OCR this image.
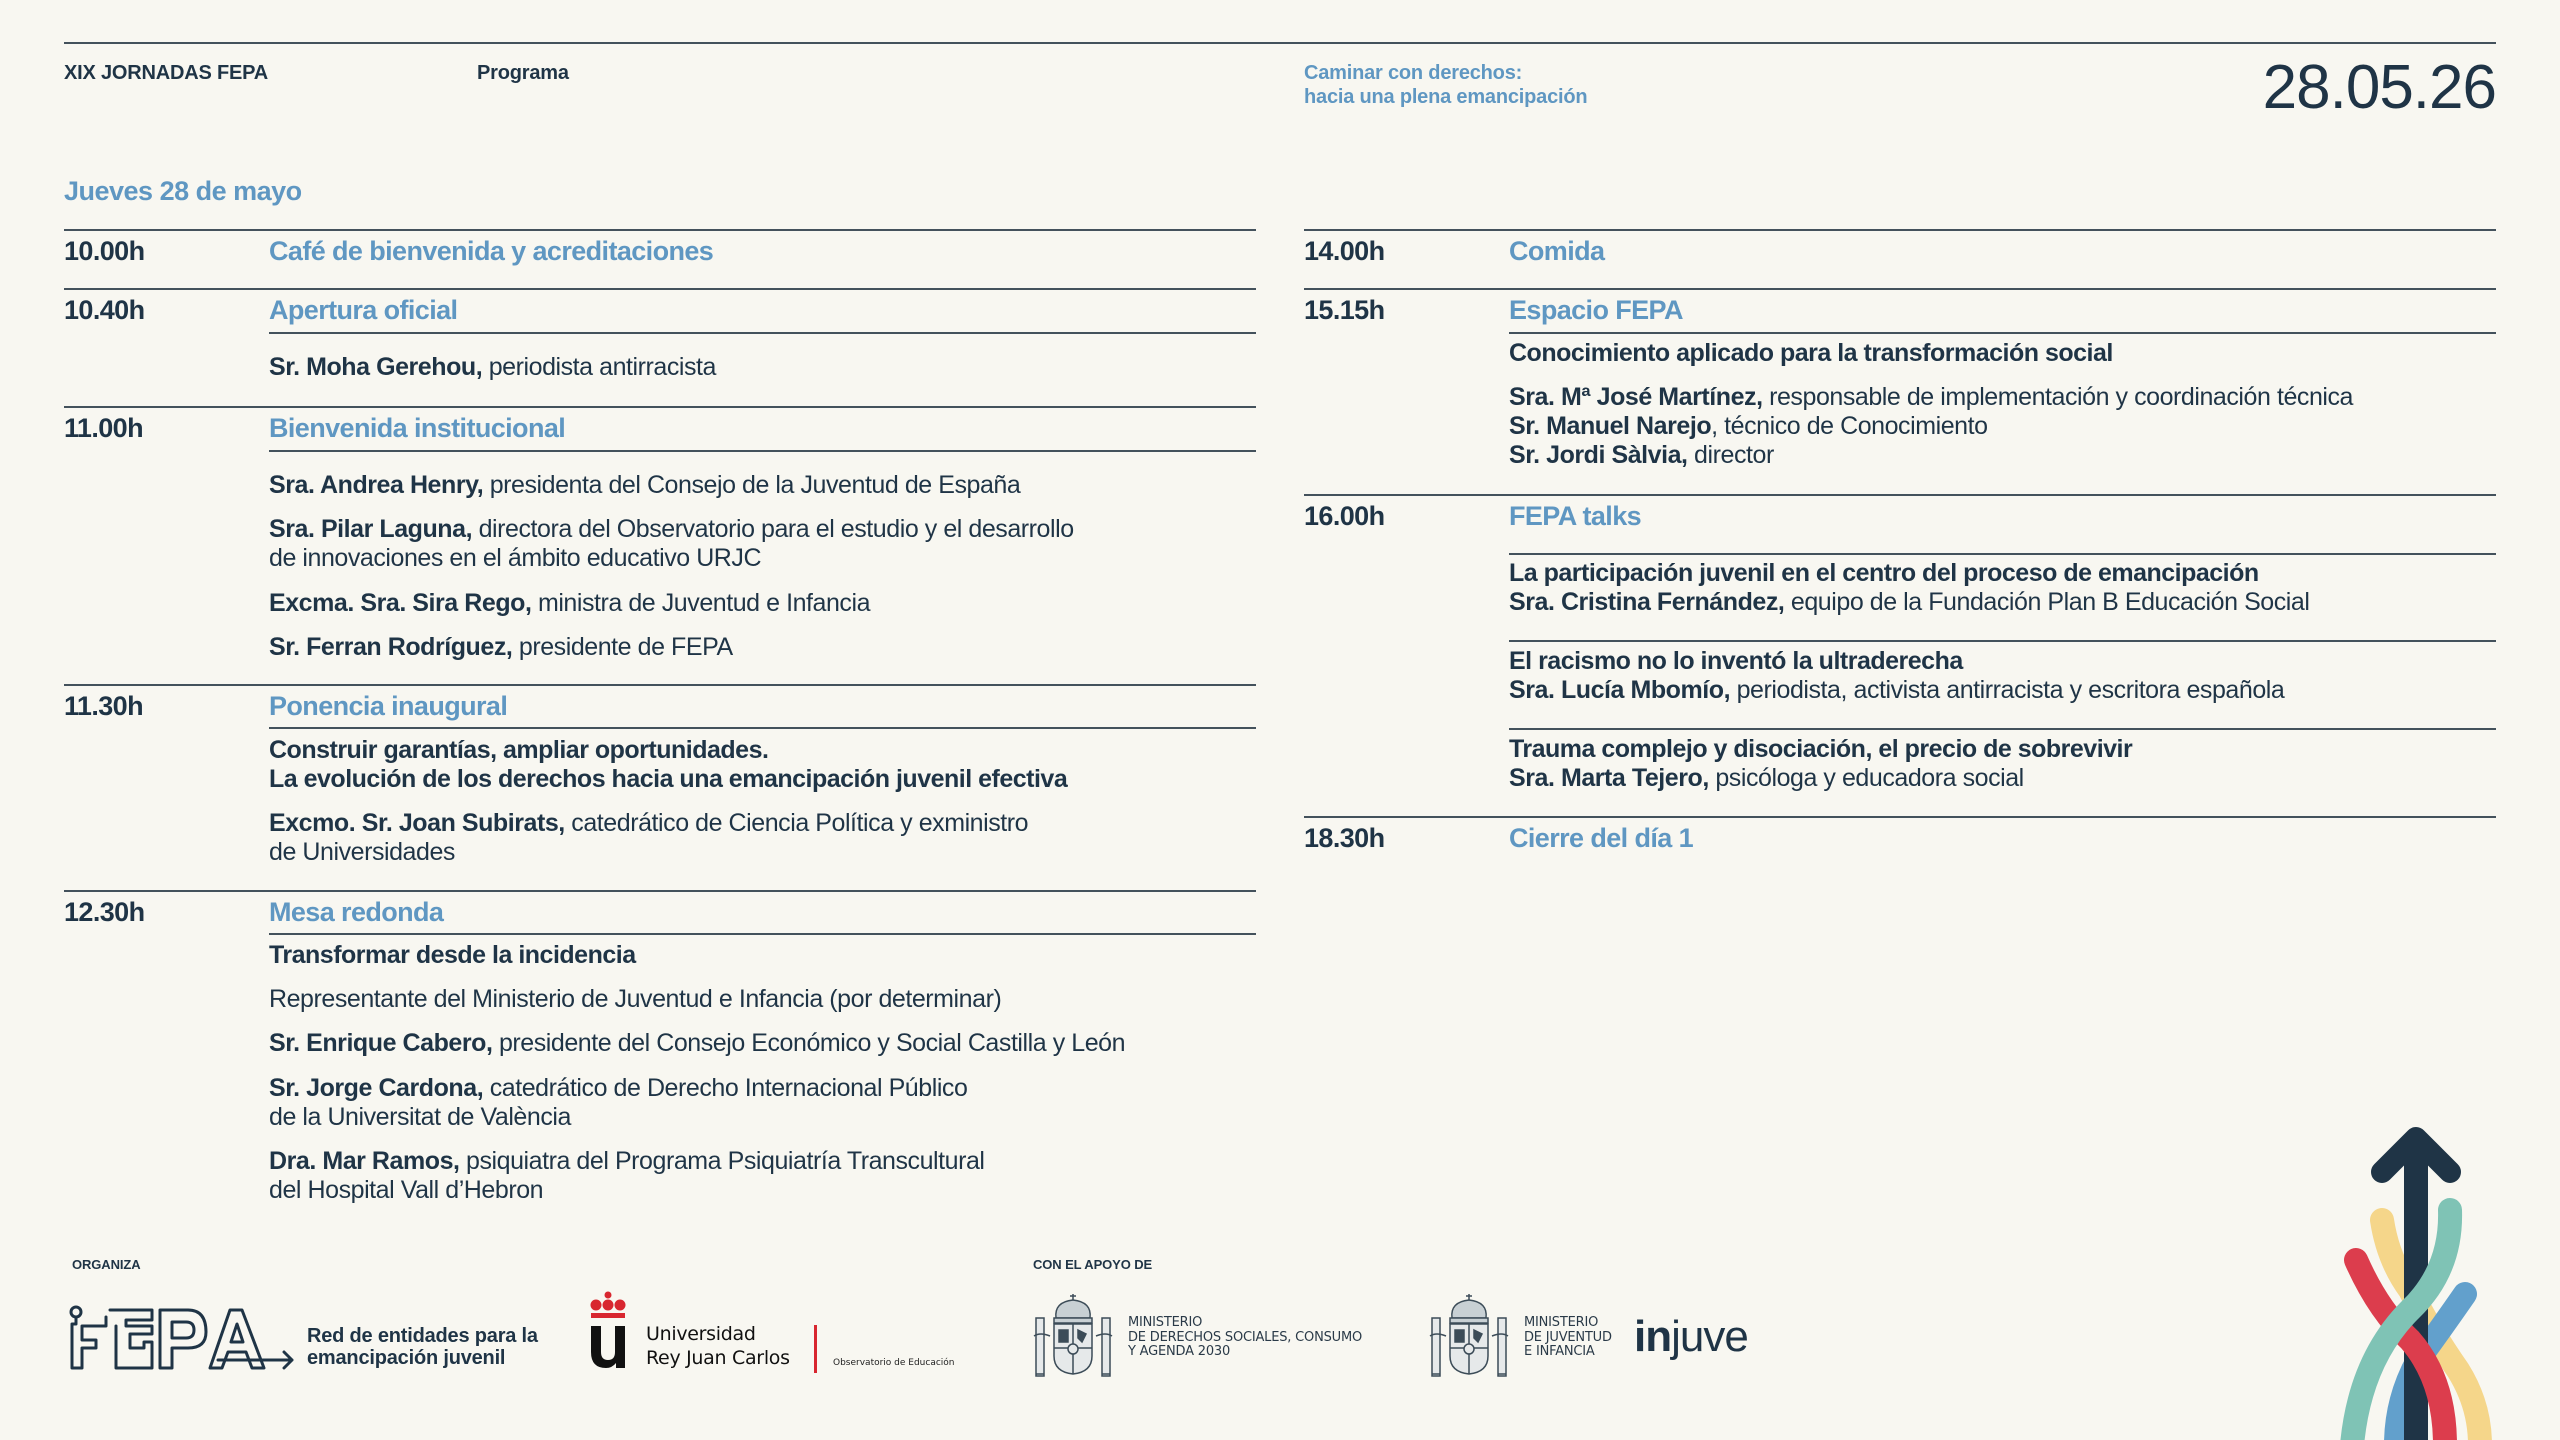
XIX JORNADAS FEPA	Programa	Caminar con derechos:
hacia una plena emancipación	28.05.26
Jueves 28 de mayo
10.00h	Café de bienvenida y acreditaciones
10.40h	Apertura oficial
Sr. Moha Gerehou, periodista antirracista
11.00h	Bienvenida institucional
Sra. Andrea Henry, presidenta del Consejo de la Juventud de España
Sra. Pilar Laguna, directora del Observatorio para el estudio y el desarrollo
de innovaciones en el ámbito educativo URJC
Excma. Sra. Sira Rego, ministra de Juventud e Infancia
Sr. Ferran Rodríguez, presidente de FEPA
11.30h	Ponencia inaugural
Construir garantías, ampliar oportunidades.
La evolución de los derechos hacia una emancipación juvenil efectiva
Excmo. Sr. Joan Subirats, catedrático de Ciencia Política y exministro
de Universidades
12.30h	Mesa redonda
Transformar desde la incidencia
Representante del Ministerio de Juventud e Infancia (por determinar)
Sr. Enrique Cabero, presidente del Consejo Económico y Social Castilla y León
Sr. Jorge Cardona, catedrático de Derecho Internacional Público
de la Universitat de València
Dra. Mar Ramos, psiquiatra del Programa Psiquiatría Transcultural
del Hospital Vall d’Hebron
14.00h	Comida
15.15h	Espacio FEPA
Conocimiento aplicado para la transformación social
Sra. Mª José Martínez, responsable de implementación y coordinación técnica
Sr. Manuel Narejo, técnico de Conocimiento
Sr. Jordi Sàlvia, director
16.00h	FEPA talks
La participación juvenil en el centro del proceso de emancipación
Sra. Cristina Fernández, equipo de la Fundación Plan B Educación Social
El racismo no lo inventó la ultraderecha
Sra. Lucía Mbomío, periodista, activista antirracista y escritora española
Trauma complejo y disociación, el precio de sobrevivir
Sra. Marta Tejero, psicóloga y educadora social
18.30h	Cierre del día 1
ORGANIZA
Red de entidades para la
emancipación juvenil
Universidad
Rey Juan Carlos	Observatorio de Educación
CON EL APOYO DE
MINISTERIO
DE DERECHOS SOCIALES, CONSUMO
Y AGENDA 2030
MINISTERIO
DE JUVENTUD
E INFANCIA injuve
